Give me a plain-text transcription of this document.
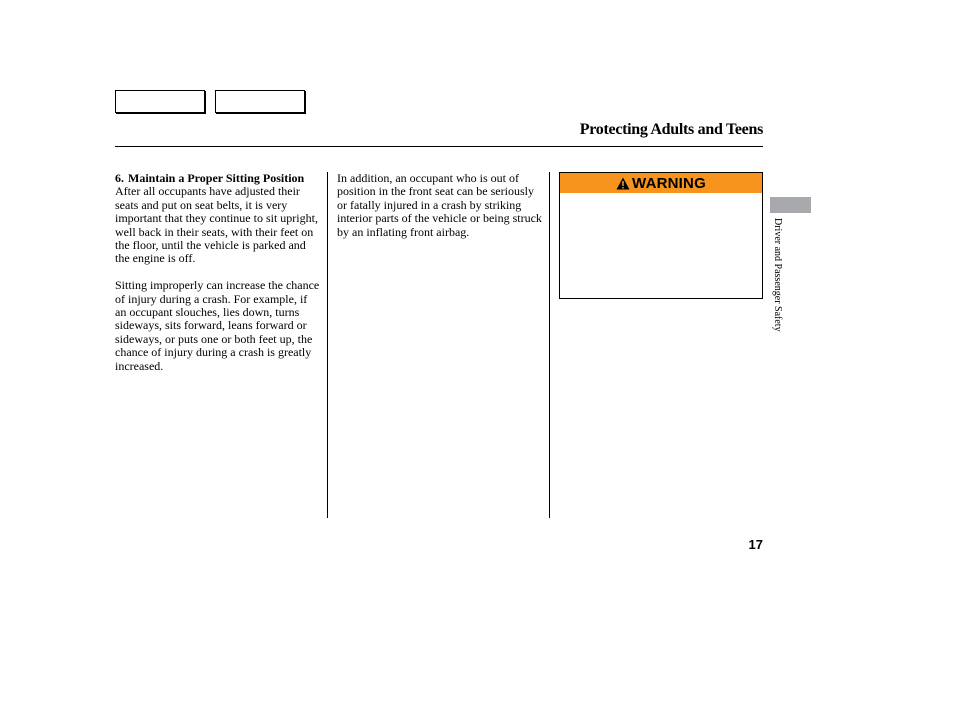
Protecting Adults and Teens

6. Maintain a Proper Sitting Position

After all occupants have adjusted their seats and put on seat belts, it is very important that they continue to sit upright, well back in their seats, with their feet on the floor, until the vehicle is parked and the engine is off.

Sitting improperly can increase the chance of injury during a crash. For example, if an occupant slouches, lies down, turns sideways, sits forward, leans forward or sideways, or puts one or both feet up, the chance of injury during a crash is greatly increased.

In addition, an occupant who is out of position in the front seat can be seriously or fatally injured in a crash by striking interior parts of the vehicle or being struck by an inflating front airbag.

WARNING
Driver and Passenger Safety
17
